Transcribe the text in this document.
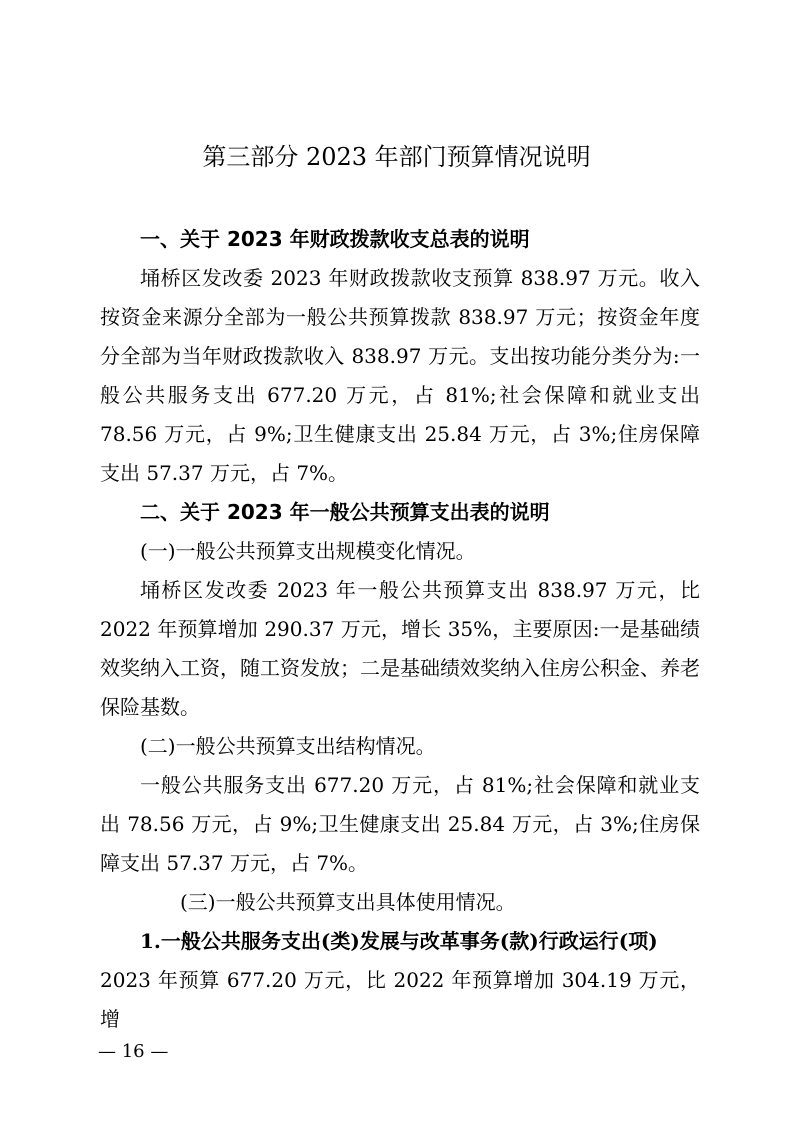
第三部分 2023 年部门预算情况说明

一、关于 2023 年财政拨款收支总表的说明

埇桥区发改委 2023 年财政拨款收支预算 838.97 万元。收入按资金来源分全部为一般公共预算拨款 838.97 万元；按资金年度分全部为当年财政拨款收入 838.97 万元。支出按功能分类分为:一般公共服务支出 677.20 万元，占 81%;社会保障和就业支出 78.56 万元，占 9%;卫生健康支出 25.84 万元，占 3%;住房保障支出 57.37 万元，占 7%。

二、关于 2023 年一般公共预算支出表的说明

(一)一般公共预算支出规模变化情况。

埇桥区发改委 2023 年一般公共预算支出 838.97 万元，比 2022 年预算增加 290.37 万元，增长 35%，主要原因:一是基础绩效奖纳入工资，随工资发放；二是基础绩效奖纳入住房公积金、养老保险基数。

(二)一般公共预算支出结构情况。

一般公共服务支出 677.20 万元，占 81%;社会保障和就业支出 78.56 万元，占 9%;卫生健康支出 25.84 万元，占 3%;住房保障支出 57.37 万元，占 7%。

(三)一般公共预算支出具体使用情况。

1.一般公共服务支出(类)发展与改革事务(款)行政运行(项)

2023 年预算 677.20 万元，比 2022 年预算增加 304.19 万元，增

— 16 —
